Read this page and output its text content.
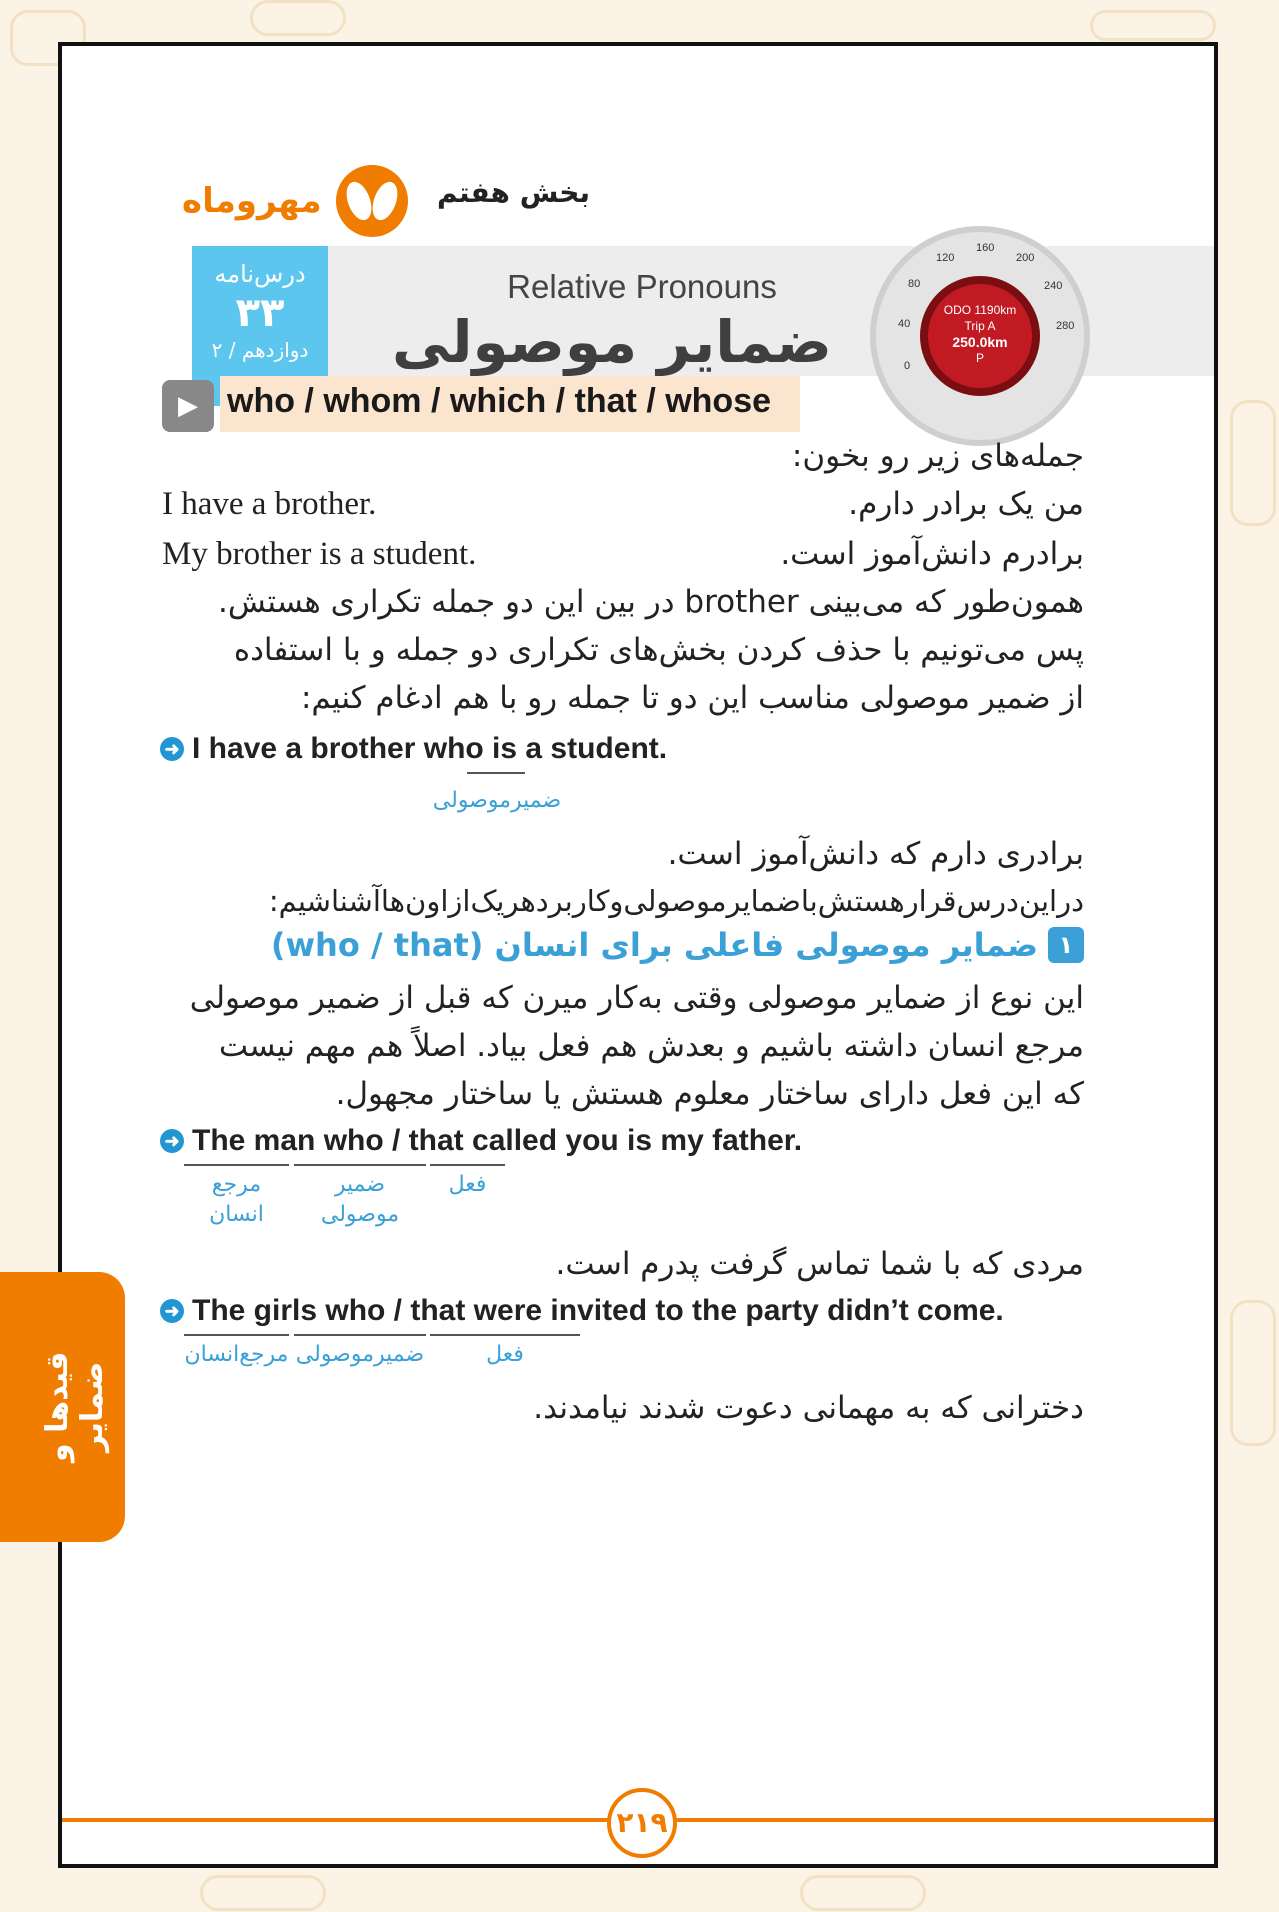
مهروماه	بخش هفتم
درس‌نامه
۳۳
دوازدهم / ۲
Relative Pronouns
ضمایر موصولی	0
40
80
120
160
200
240
280
ODO 1190km
Trip A
250.0km
P
▶ who / whom / which / that / whose
جمله‌های زیر رو بخون:
I have a brother.	من یک برادر دارم.
My brother is a student.	برادرم دانش‌آموز است.
همون‌طور که می‌بینی brother در بین این دو جمله تکراری هستش.
پس می‌تونیم با حذف کردن بخش‌های تکراری دو جمله و با استفاده
از ضمیر موصولی مناسب این دو تا جمله رو با هم ادغام کنیم:
➜ I have a brother who is a student.
ضمیرموصولی
برادری دارم که دانش‌آموز است.
دراین‌درس‌قرارهستش‌باضمایرموصولی‌وکاربردهریک‌ازاون‌هاآشناشیم:
ضمایر موصولی فاعلی برای انسان (who / that) ۱
این نوع از ضمایر موصولی وقتی به‌کار میرن که قبل از ضمیر موصولی
مرجع انسان داشته باشیم و بعدش هم فعل بیاد. اصلاً هم مهم نیست
که این فعل دارای ساختار معلوم هستش یا ساختار مجهول.
➜ The man who / that called you is my father.
مرجع
انسان
ضمیر
موصولی
فعل
مردی که با شما تماس گرفت پدرم است.
➜ The girls who / that were invited to the party didn’t come.
مرجع‌انسان ضمیرموصولی	فعل
دخترانی که به مهمانی دعوت شدند نیامدند.
۲۱۹
قیدها و ضمایر
